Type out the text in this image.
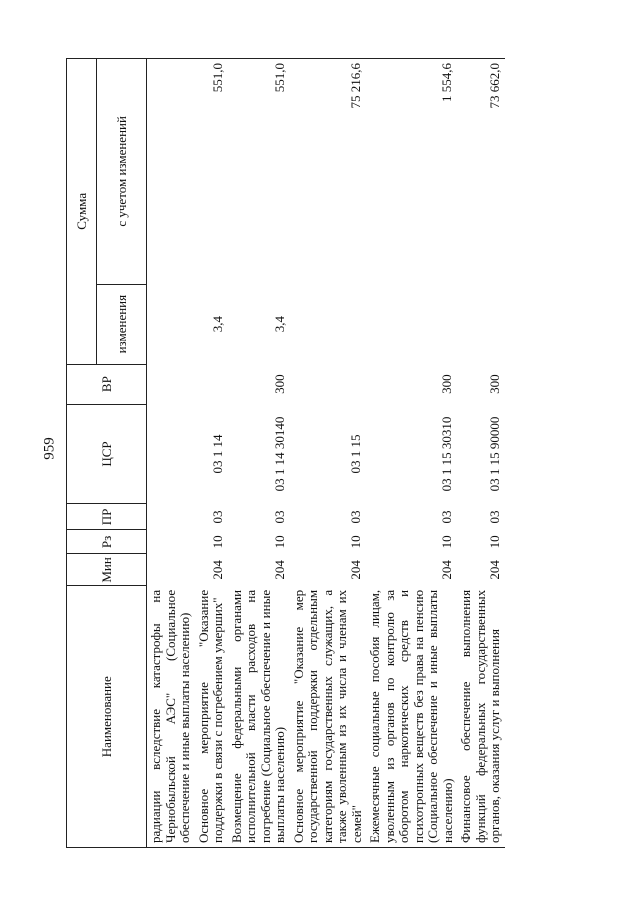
959
Наименование	Мин	Рз	ПР	ЦСР	ВР	Сумма	
						изменения	с учетом изменений
радиации вследствие катастрофы на Чернобыльской АЭС" (Социальное обеспечение и иные выплаты населению)							
Основное мероприятие "Оказание поддержки в связи с погребением умерших"	204	10	03	03 1 14		3,4	551,0
Возмещение федеральными органами исполнительной власти расходов на погребение (Социальное обеспечение и иные выплаты населению)	204	10	03	03 1 14 30140	300	3,4	551,0
Основное мероприятие "Оказание мер государственной поддержки отдельным категориям государственных служащих, а также уволенным из их числа и членам их семей"	204	10	03	03 1 15			75 216,6
Ежемесячные социальные пособия лицам, уволенным из органов по контролю за оборотом наркотических средств и психотропных веществ без права на пенсию (Социальное обеспечение и иные выплаты населению)	204	10	03	03 1 15 30310	300		1 554,6
Финансовое обеспечение выполнения функций федеральных государственных органов, оказания услуг и выполнения	204	10	03	03 1 15 90000	300		73 662,0
